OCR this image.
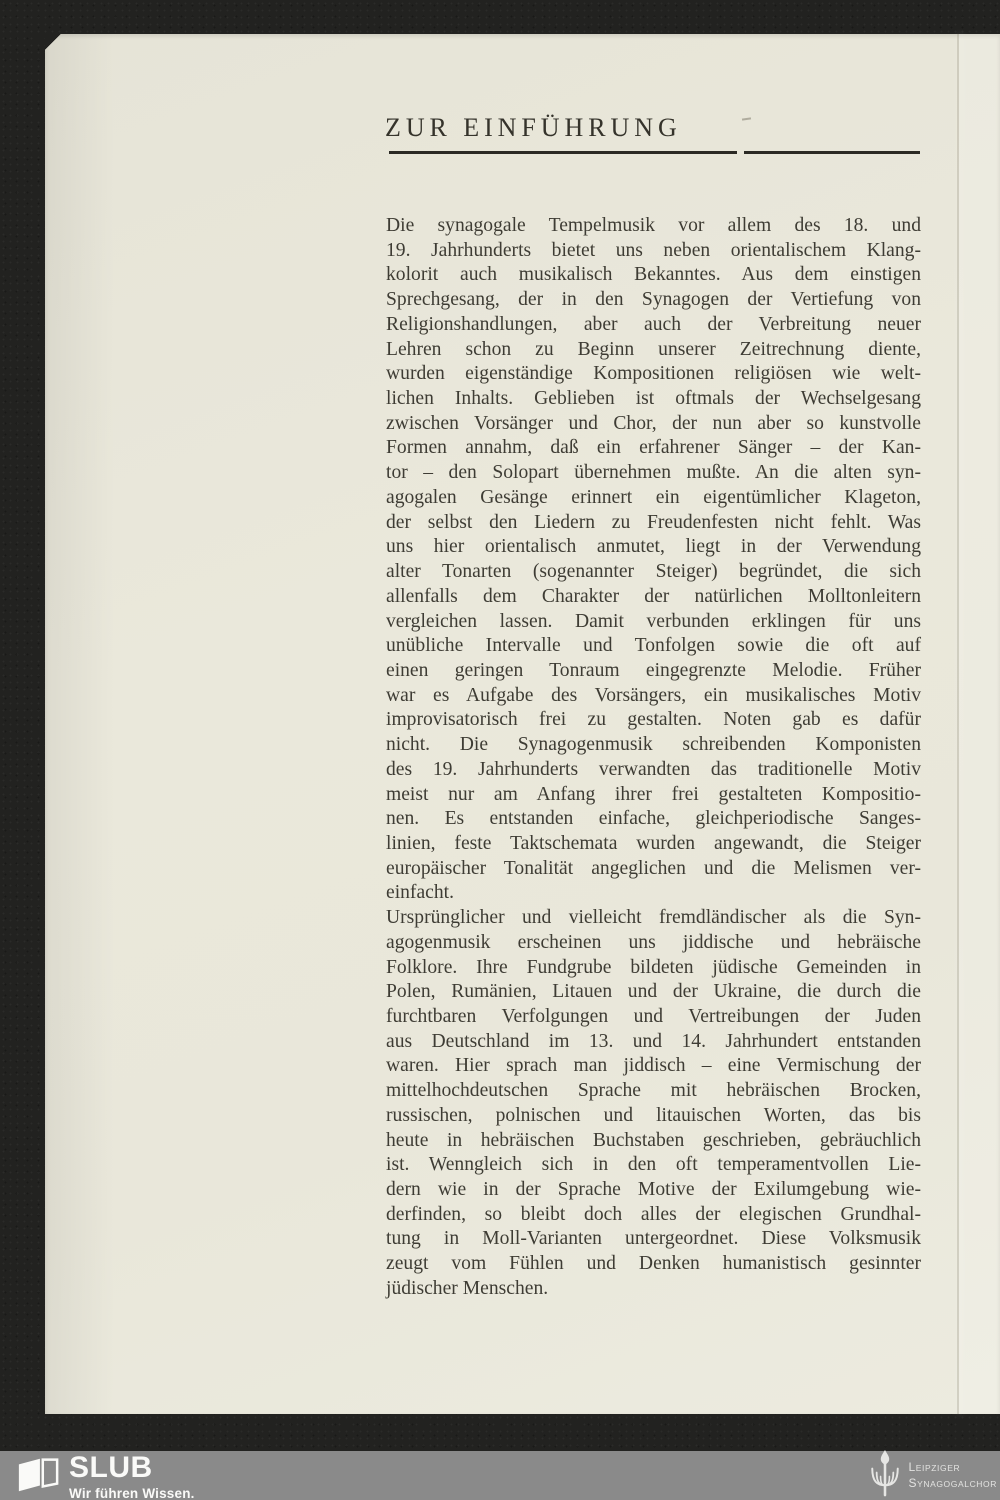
ZUR EINFÜHRUNG
Die synagogale Tempelmusik vor allem des 18. und
19. Jahrhunderts bietet uns neben orientalischem Klang-
kolorit auch musikalisch Bekanntes. Aus dem einstigen
Sprechgesang, der in den Synagogen der Vertiefung von
Religionshandlungen, aber auch der Verbreitung neuer
Lehren schon zu Beginn unserer Zeitrechnung diente,
wurden eigenständige Kompositionen religiösen wie welt-
lichen Inhalts. Geblieben ist oftmals der Wechselgesang
zwischen Vorsänger und Chor, der nun aber so kunstvolle
Formen annahm, daß ein erfahrener Sänger – der Kan-
tor – den Solopart übernehmen mußte. An die alten syn-
agogalen Gesänge erinnert ein eigentümlicher Klageton,
der selbst den Liedern zu Freudenfesten nicht fehlt. Was
uns hier orientalisch anmutet, liegt in der Verwendung
alter Tonarten (sogenannter Steiger) begründet, die sich
allenfalls dem Charakter der natürlichen Molltonleitern
vergleichen lassen. Damit verbunden erklingen für uns
unübliche Intervalle und Tonfolgen sowie die oft auf
einen geringen Tonraum eingegrenzte Melodie. Früher
war es Aufgabe des Vorsängers, ein musikalisches Motiv
improvisatorisch frei zu gestalten. Noten gab es dafür
nicht. Die Synagogenmusik schreibenden Komponisten
des 19. Jahrhunderts verwandten das traditionelle Motiv
meist nur am Anfang ihrer frei gestalteten Kompositio-
nen. Es entstanden einfache, gleichperiodische Sanges-
linien, feste Taktschemata wurden angewandt, die Steiger
europäischer Tonalität angeglichen und die Melismen ver-
einfacht.
Ursprünglicher und vielleicht fremdländischer als die Syn-
agogenmusik erscheinen uns jiddische und hebräische
Folklore. Ihre Fundgrube bildeten jüdische Gemeinden in
Polen, Rumänien, Litauen und der Ukraine, die durch die
furchtbaren Verfolgungen und Vertreibungen der Juden
aus Deutschland im 13. und 14. Jahrhundert entstanden
waren. Hier sprach man jiddisch – eine Vermischung der
mittelhochdeutschen Sprache mit hebräischen Brocken,
russischen, polnischen und litauischen Worten, das bis
heute in hebräischen Buchstaben geschrieben, gebräuchlich
ist. Wenngleich sich in den oft temperamentvollen Lie-
dern wie in der Sprache Motive der Exilumgebung wie-
derfinden, so bleibt doch alles der elegischen Grundhal-
tung in Moll-Varianten untergeordnet. Diese Volksmusik
zeugt vom Fühlen und Denken humanistisch gesinnter
jüdischer Menschen.
SLUB
Wir führen Wissen.
LEIPZIGER
SYNAGOGALCHOR
